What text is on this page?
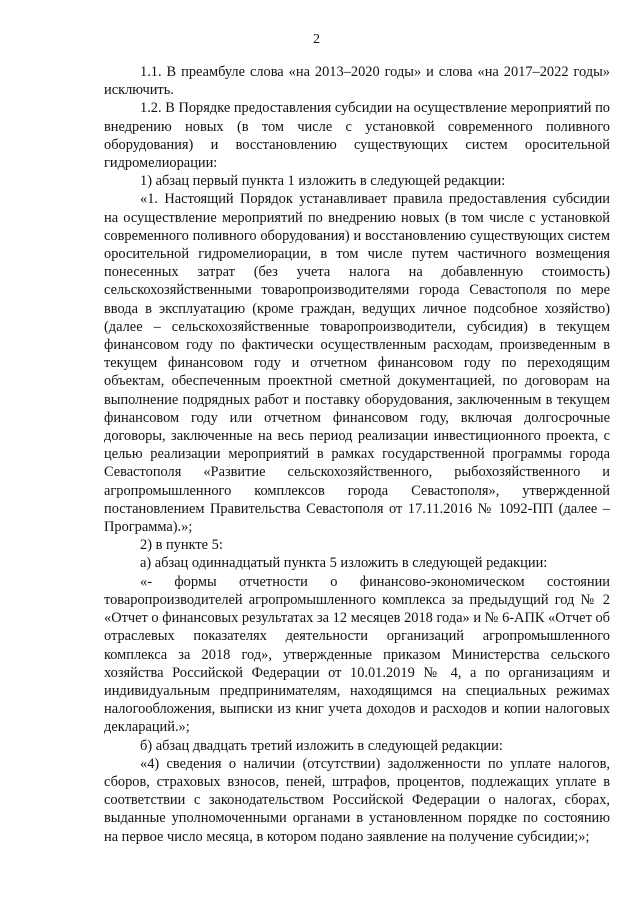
2

1.1. В преамбуле слова «на 2013–2020 годы» и слова «на 2017–2022 годы» исключить.

1.2. В Порядке предоставления субсидии на осуществление мероприятий по внедрению новых (в том числе с установкой современного поливного оборудования) и восстановлению существующих систем оросительной гидромелиорации:

1) абзац первый пункта 1 изложить в следующей редакции:

«1. Настоящий Порядок устанавливает правила предоставления субсидии на осуществление мероприятий по внедрению новых (в том числе с установкой современного поливного оборудования) и восстановлению существующих систем оросительной гидромелиорации, в том числе путем частичного возмещения понесенных затрат (без учета налога на добавленную стоимость) сельскохозяйственными товаропроизводителями города Севастополя по мере ввода в эксплуатацию (кроме граждан, ведущих личное подсобное хозяйство) (далее – сельскохозяйственные товаропроизводители, субсидия) в текущем финансовом году по фактически осуществленным расходам, произведенным в текущем финансовом году и отчетном финансовом году по переходящим объектам, обеспеченным проектной сметной документацией, по договорам на выполнение подрядных работ и поставку оборудования, заключенным в текущем финансовом году или отчетном финансовом году, включая долгосрочные договоры, заключенные на весь период реализации инвестиционного проекта, с целью реализации мероприятий в рамках государственной программы города Севастополя «Развитие сельскохозяйственного, рыбохозяйственного и агропромышленного комплексов города Севастополя», утвержденной постановлением Правительства Севастополя от 17.11.2016 № 1092-ПП (далее – Программа).»;

2) в пункте 5:

а) абзац одиннадцатый пункта 5 изложить в следующей редакции:

«- формы отчетности о финансово-экономическом состоянии товаропроизводителей агропромышленного комплекса за предыдущий год № 2 «Отчет о финансовых результатах за 12 месяцев 2018 года» и № 6-АПК «Отчет об отраслевых показателях деятельности организаций агропромышленного комплекса за 2018 год», утвержденные приказом Министерства сельского хозяйства Российской Федерации от 10.01.2019 № 4, а по организациям и индивидуальным предпринимателям, находящимся на специальных режимах налогообложения, выписки из книг учета доходов и расходов и копии налоговых деклараций.»;

б) абзац двадцать третий изложить в следующей редакции:

«4) сведения о наличии (отсутствии) задолженности по уплате налогов, сборов, страховых взносов, пеней, штрафов, процентов, подлежащих уплате в соответствии с законодательством Российской Федерации о налогах, сборах, выданные уполномоченными органами в установленном порядке по состоянию на первое число месяца, в котором подано заявление на получение субсидии;»;
